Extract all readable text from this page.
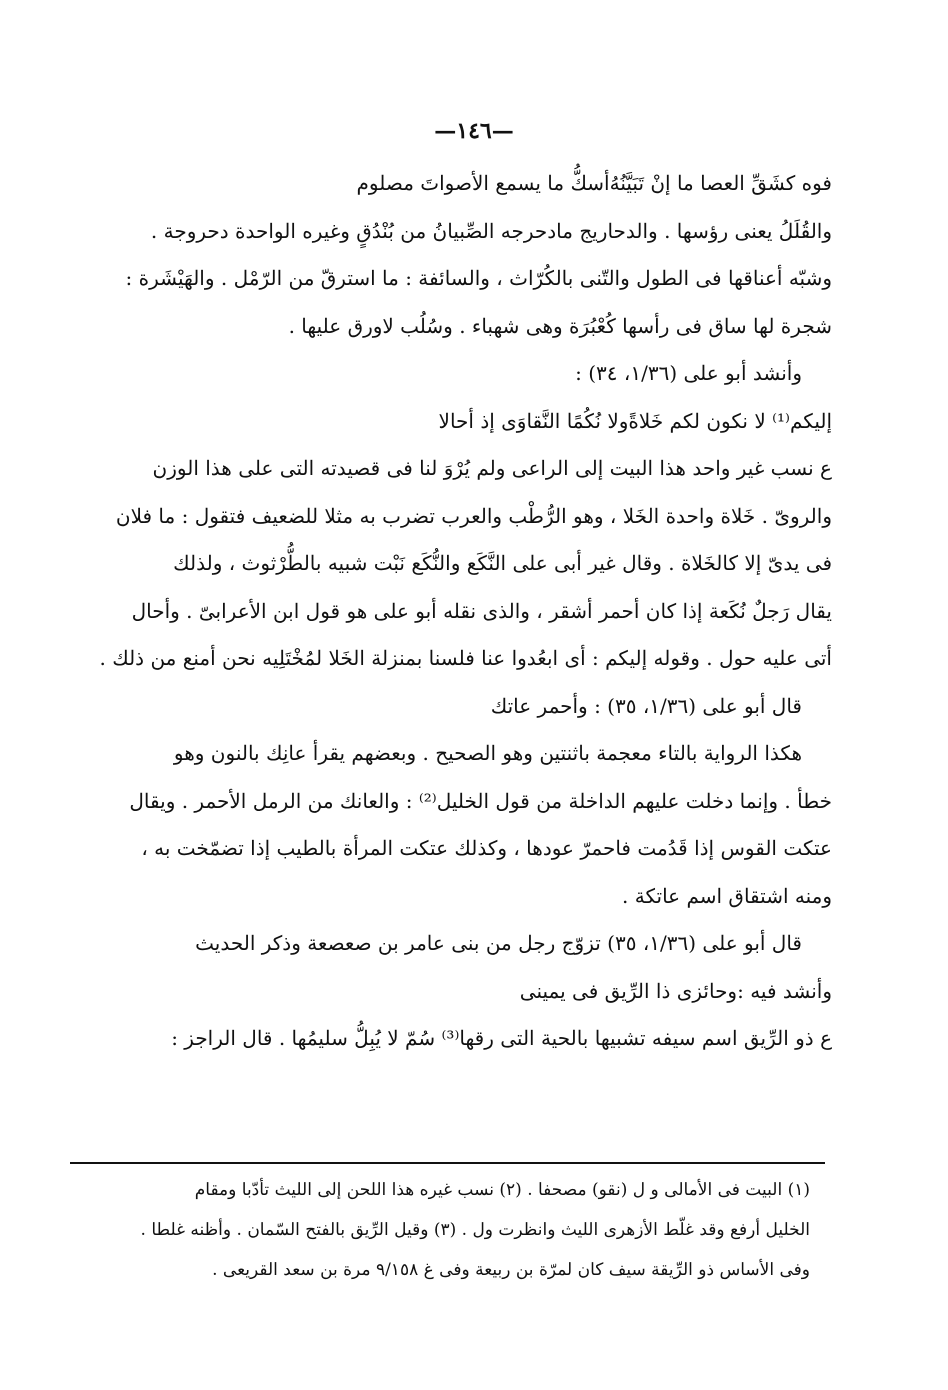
—١٤٦—
فوه كشَقِّ العصا ما إنْ تَبَيَّنُهُأسكُّ ما يسمع الأصواتَ مصلوم
والقُلَلُ يعنى رؤسها . والدحاريج مادحرجه الصِّبيانُ من بُنْدُقٍ وغيره الواحدة دحروجة .
وشبّه أعناقها فى الطول والتّنى بالكُرّاث ، والسائفة : ما استرقّ من الرّمْل . والهَيْشَرة :
شجرة لها ساق فى رأسها كُعْبُرَة وهى شهباء . وسُلُب لاورق عليها .
وأنشد أبو على (١/٣٦، ٣٤) :
إليكم⁽¹⁾ لا نكون لكم خَلاةًولا نُكُمًا النَّقاوَى إذ أحالا
ع نسب غير واحد هذا البيت إلى الراعى ولم يُرْوَ لنا فى قصيدته التى على هذا الوزن
والروىّ . خَلاة واحدة الخَلا ، وهو الرُّطْب والعرب تضرب به مثلا للضعيف فتقول : ما فلان
فى يدىّ إلا كالخَلاة . وقال غير أبى على النَّكَع والنُّكَع نَبْت شبيه بالطُّرْثوث ، ولذلك
يقال رَجلٌ نُكَعة إذا كان أحمر أشقر ، والذى نقله أبو على هو قول ابن الأعرابىّ . وأحال
أتى عليه حول . وقوله إليكم : أى ابعُدوا عنا فلسنا بمنزلة الخَلا لمُخْتَلِيه نحن أمنع من ذلك .
قال أبو على (١/٣٦، ٣٥) : وأحمر عاتك
هكذا الرواية بالتاء معجمة باثنتين وهو الصحيح . وبعضهم يقرأ عانِك بالنون وهو
خطأ . وإنما دخلت عليهم الداخلة من قول الخليل⁽²⁾ : والعانك من الرمل الأحمر . ويقال
عتكت القوس إذا قَدُمت فاحمرّ عودها ، وكذلك عتكت المرأة بالطيب إذا تضمّخت به ،
ومنه اشتقاق اسم عاتكة .
قال أبو على (١/٣٦، ٣٥) تزوّج رجل من بنى عامر بن صعصعة وذكر الحديث
وأنشد فيه :وحائزى ذا الرِّيق فى يمينى
ع ذو الرِّيق اسم سيفه تشبيها بالحية التى رقها⁽³⁾ سُمّ لا يُبِلُّ سليمُها . قال الراجز :
(١) البيت فى الأمالى و ل (نقو) مصحفا . (٢) نسب غيره هذا اللحن إلى الليث تأدّبا ومقام
الخليل أرفع وقد غلّط الأزهرى الليث وانظرت ول . (٣) وقيل الرِّيق بالفتح السّمان . وأظنه غلطا .
وفى الأساس ذو الرِّيقة سيف كان لمرّة بن ربيعة وفى غ ٩/١٥٨ مرة بن سعد القريعى .
